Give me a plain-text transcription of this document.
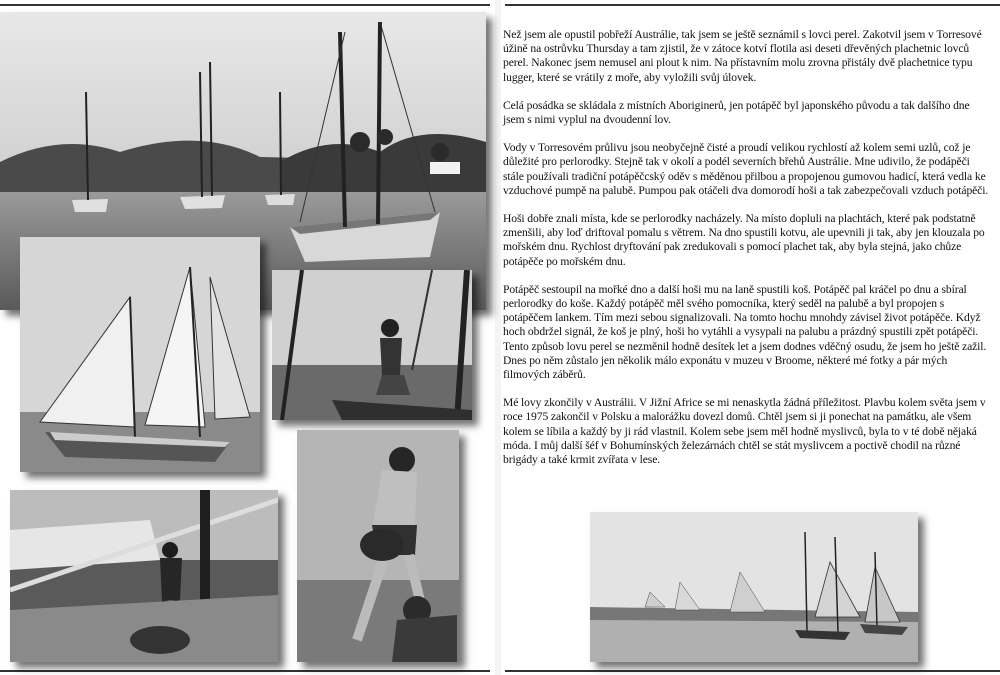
Než jsem ale opustil pobřeží Austrálie, tak jsem se ještě seznámil s lovci perel. Zakotvil jsem v Torresové úžině na ostrůvku Thursday a tam zjistil, že v zátoce kotví flotila asi deseti dřevěných plachetnic lovců perel. Nakonec jsem nemusel ani plout k nim. Na přístavním molu zrovna přistály dvě plachetnice typu lugger, které se vrátily z moře, aby vyložili svůj úlovek.

Celá posádka se skládala z místních Aboriginerů, jen potápěč byl japonského původu a tak dalšího dne jsem s nimi vyplul na dvoudenní lov.

Vody v Torresovém průlivu jsou neobyčejně čisté a proudí velikou rychlostí až kolem semi uzlů, což je důležité pro perlorodky. Stejně tak v okolí a podél severních břehů Austrálie. Mne udivilo, že podápěči stále používali tradiční potápěčcský oděv s měděnou přilbou a propojenou gumovou hadicí, která vedla ke vzduchové pumpě na palubě. Pumpou pak otáčeli dva domorodí hoši a tak zabezpečovali vzduch potápěči.

Hoši dobře znali místa, kde se perlorodky nacházely. Na místo dopluli na plachtách, které pak podstatně zmenšili, aby loď driftoval pomalu s větrem. Na dno spustili kotvu, ale upevnili ji tak, aby jen klouzala po mořském dnu. Rychlost dryftování pak zredukovali s pomocí plachet tak, aby byla stejná, jako chůze potápěče po mořském dnu.

Potápěč sestoupil na mořké dno a další hoši mu na laně spustili koš. Potápěč pal kráčel po dnu a sbíral perlorodky do koše. Každý potápěč měl svého pomocníka, který seděl na palubě a byl propojen s potápěčem lankem. Tím mezi sebou signalizovali. Na tomto hochu mnohdy závisel život potápěče. Když hoch obdržel signál, že koš je plný, hoši ho vytáhli a vysypali na palubu a prázdný spustili zpět potápěči. Tento způsob lovu perel se nezměnil hodně desítek let a jsem dodnes vděčný osudu, že jsem ho ještě zažil. Dnes po něm zůstalo jen několik málo exponátu v muzeu v Broome, některé mé fotky a pár mých filmových záběrů.

Mé lovy zkončily v Austrálii. V Jižní Africe se mi nenaskytla žádná příležitost. Plavbu kolem světa jsem v roce 1975 zakončil v Polsku a malorážku dovezl domů. Chtěl jsem si ji ponechat na památku, ale všem kolem se líbila a každý by ji rád vlastnil. Kolem sebe jsem měl hodně myslivců, byla to v té době nějaká móda. I můj další šéf v Bohumínských železárnách chtěl se stát myslivcem a poctivě chodil na různé brigády a také krmit zvířata v lese.
